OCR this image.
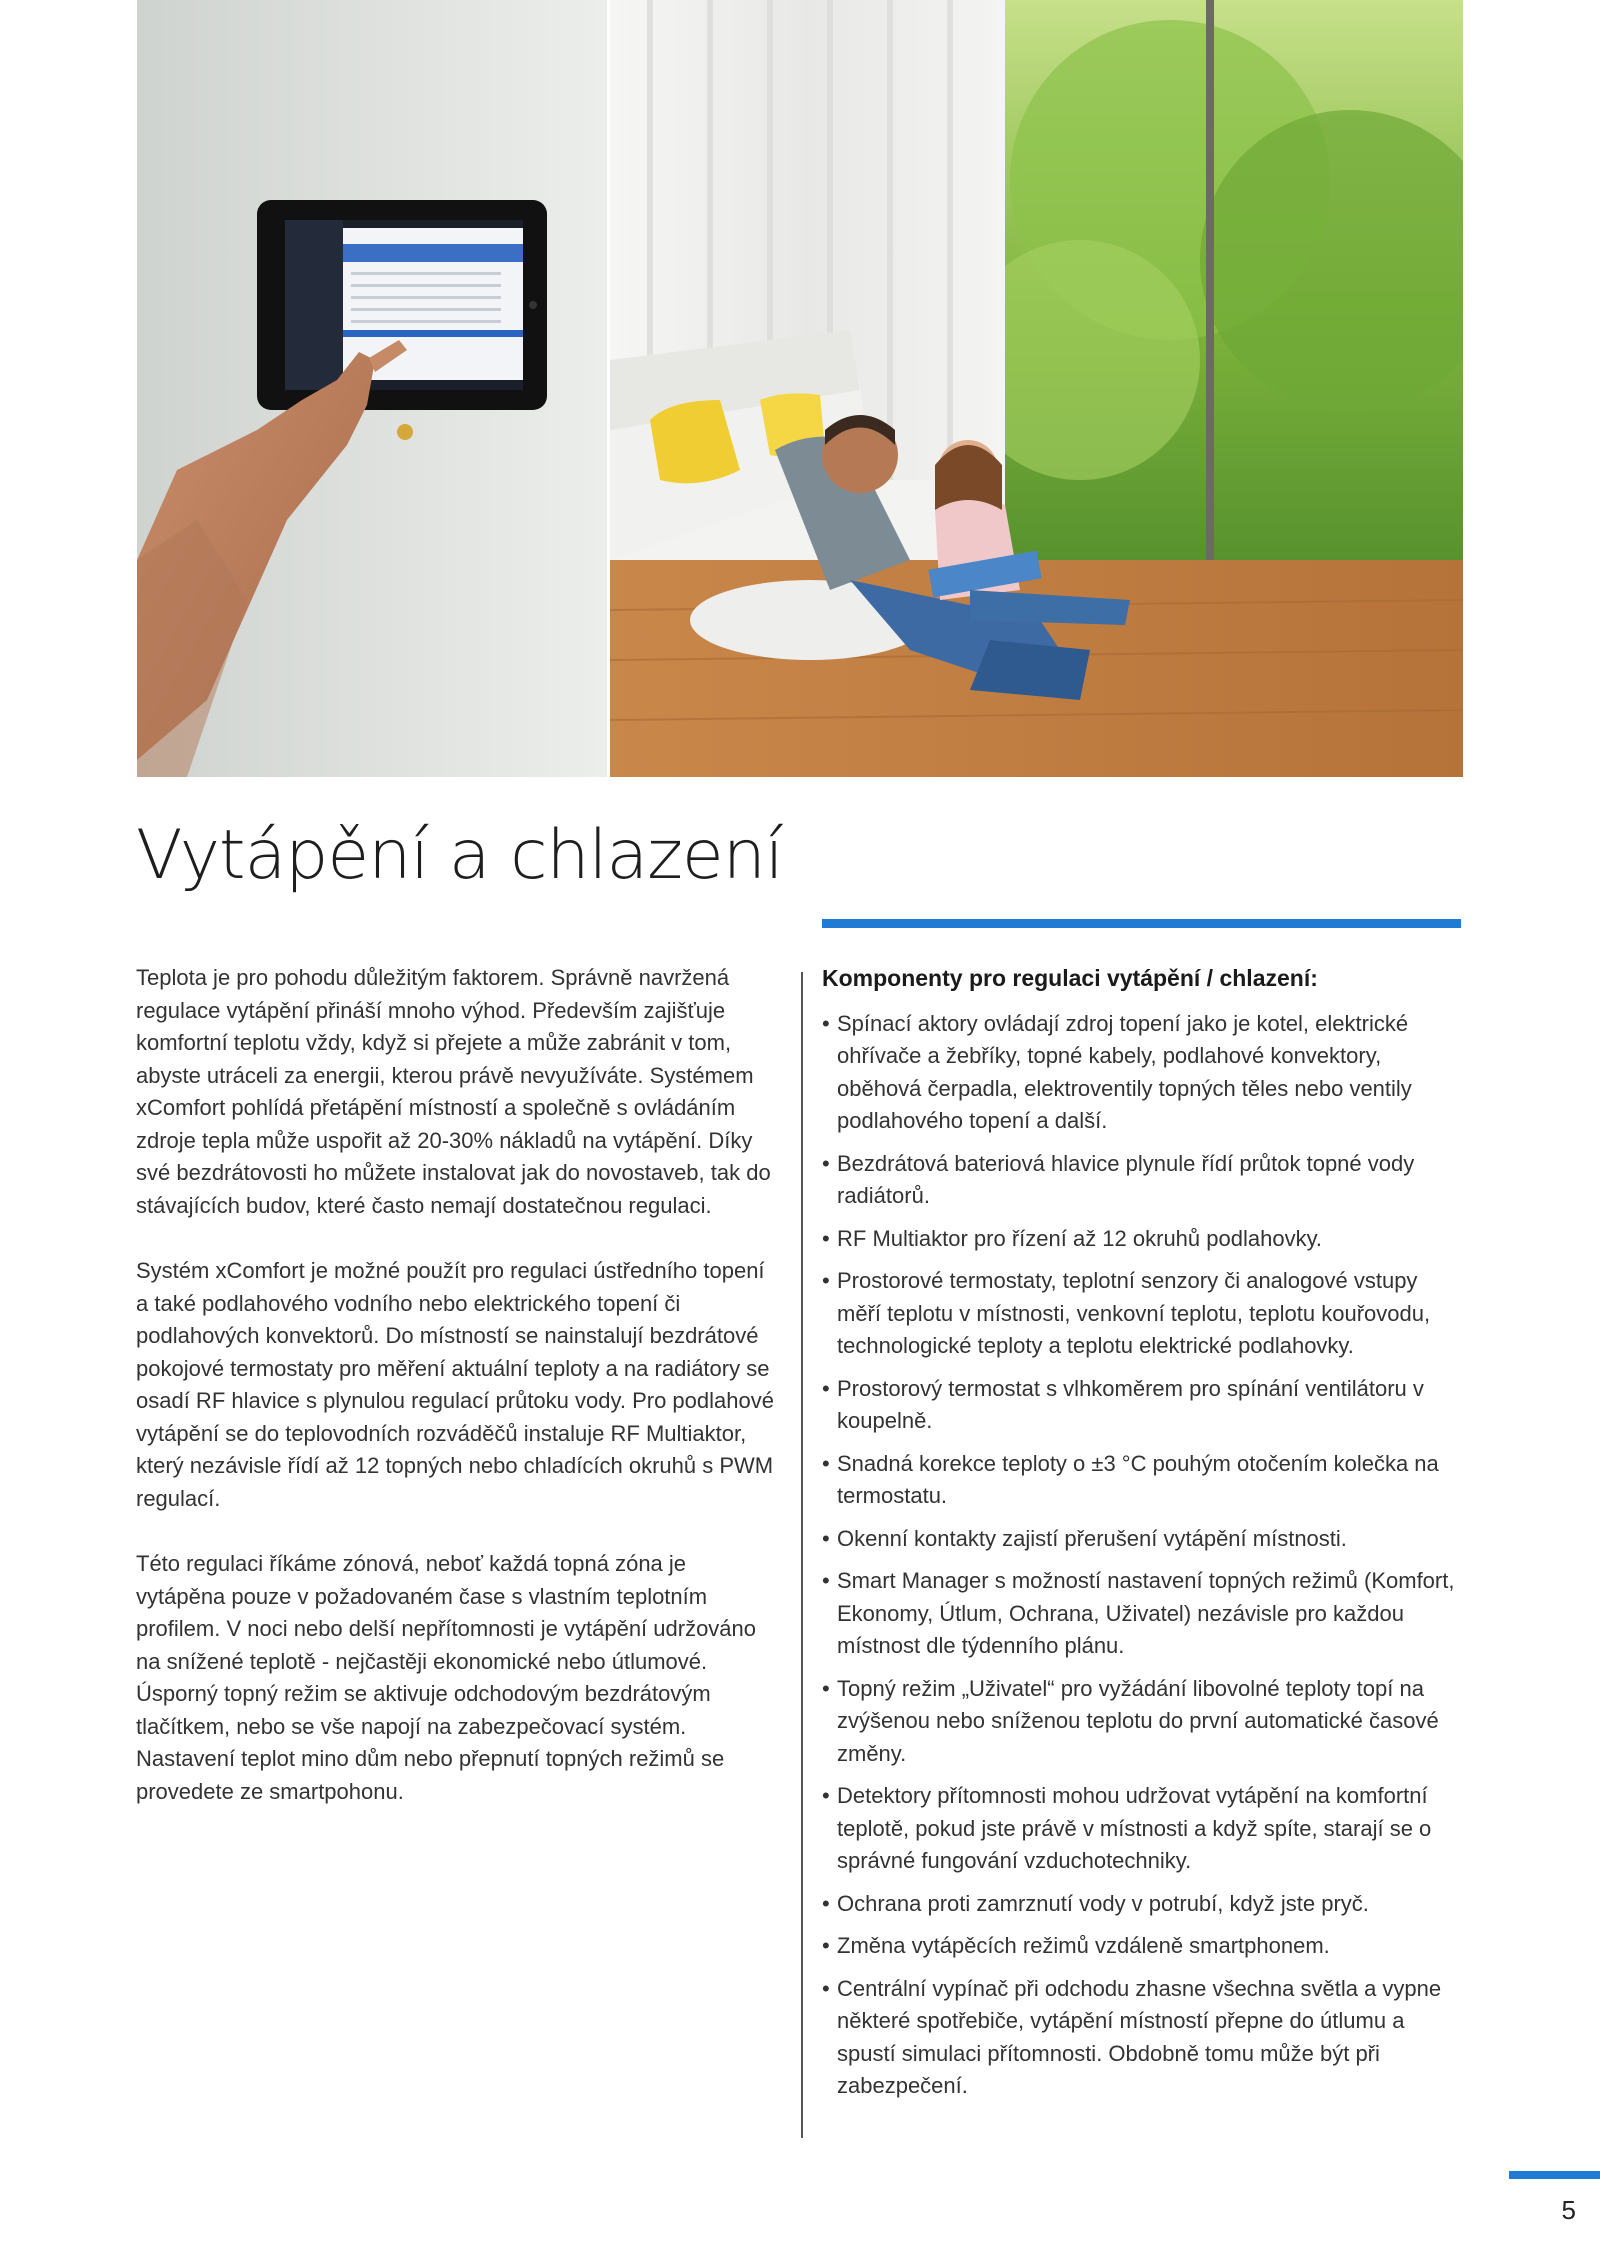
Vytápění a chlazení

Teplota je pro pohodu důležitým faktorem. Správně navržená regulace vytápění přináší mnoho výhod. Především zajišťuje komfortní teplotu vždy, když si přejete a může zabránit v tom, abyste utráceli za energii, kterou právě nevyužíváte. Systémem xComfort pohlídá přetápění místností a společně s ovládáním zdroje tepla může uspořit až 20-30% nákladů na vytápění. Díky své bezdrátovosti ho můžete instalovat jak do novostaveb, tak do stávajících budov, které často nemají dostatečnou regulaci.

Systém xComfort je možné použít pro regulaci ústředního topení a také podlahového vodního nebo elektrického topení či podlahových konvektorů. Do místností se nainstalují bezdrátové pokojové termostaty pro měření aktuální teploty a na radiátory se osadí RF hlavice s plynulou regulací průtoku vody. Pro podlahové vytápění se do teplovodních rozváděčů instaluje RF Multiaktor, který nezávisle řídí až 12 topných nebo chladících okruhů s PWM regulací.

Této regulaci říkáme zónová, neboť každá topná zóna je vytápěna pouze v požadovaném čase s vlastním teplotním profilem. V noci nebo delší nepřítomnosti je vytápění udržováno na snížené teplotě - nejčastěji ekonomické nebo útlumové. Úsporný topný režim se aktivuje odchodovým bezdrátovým tlačítkem, nebo se vše napojí na zabezpečovací systém. Nastavení teplot mino dům nebo přepnutí topných režimů se provedete ze smartpohonu.

Komponenty pro regulaci vytápění / chlazení:
• Spínací aktory ovládají zdroj topení jako je kotel, elektrické ohřívače a žebříky, topné kabely, podlahové konvektory, oběhová čerpadla, elektroventily topných těles nebo ventily podlahového topení a další.
• Bezdrátová bateriová hlavice plynule řídí průtok topné vody radiátorů.
• RF Multiaktor pro řízení až 12 okruhů podlahovky.
• Prostorové termostaty, teplotní senzory či analogové vstupy měří teplotu v místnosti, venkovní teplotu, teplotu kouřovodu, technologické teploty a teplotu elektrické podlahovky.
• Prostorový termostat s vlhkoměrem pro spínání ventilátoru v koupelně.
• Snadná korekce teploty o ±3 °C pouhým otočením kolečka na termostatu.
• Okenní kontakty zajistí přerušení vytápění místnosti.
• Smart Manager s možností nastavení topných režimů (Komfort, Ekonomy, Útlum, Ochrana, Uživatel) nezávisle pro každou místnost dle týdenního plánu.
• Topný režim „Uživatel“ pro vyžádání libovolné teploty topí na zvýšenou nebo sníženou teplotu do první automatické časové změny.
• Detektory přítomnosti mohou udržovat vytápění na komfortní teplotě, pokud jste právě v místnosti a když spíte, starají se o správné fungování vzduchotechniky.
• Ochrana proti zamrznutí vody v potrubí, když jste pryč.
• Změna vytápěcích režimů vzdáleně smartphonem.
• Centrální vypínač při odchodu zhasne všechna světla a vypne některé spotřebiče, vytápění místností přepne do útlumu a spustí simulaci přítomnosti. Obdobně tomu může být při zabezpečení.
5
